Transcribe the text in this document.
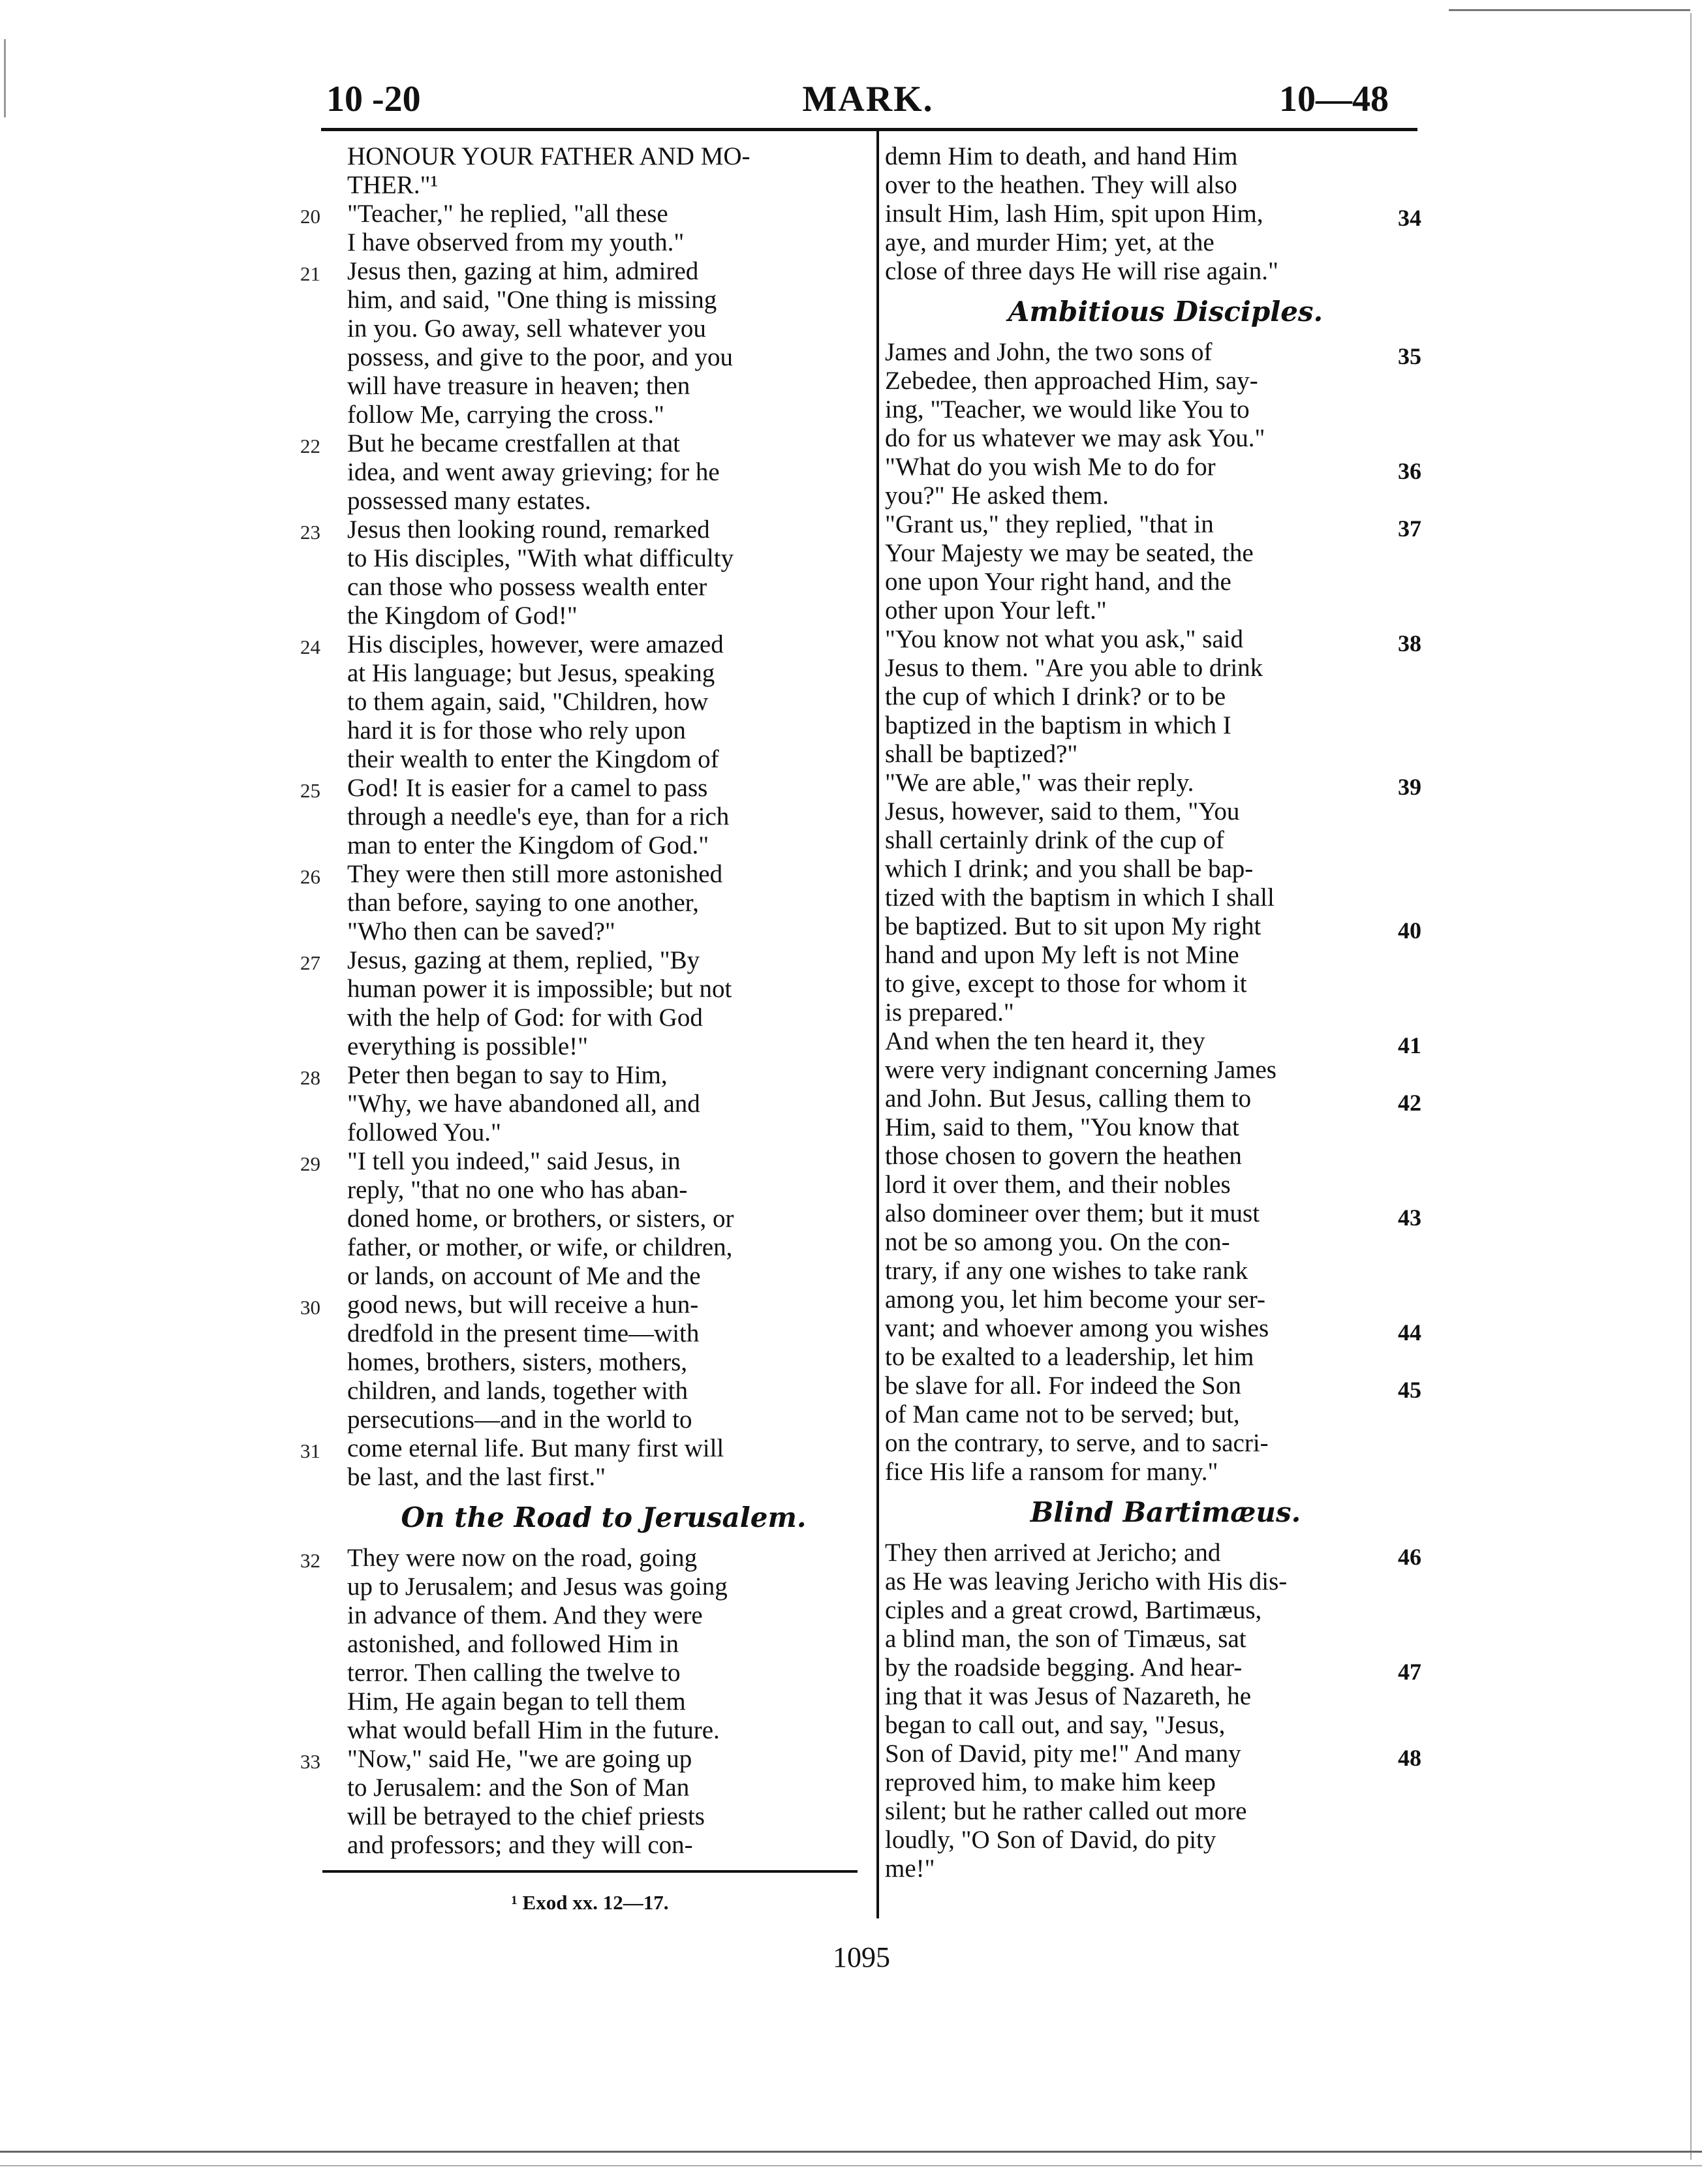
10 -20	MARK.	10—48
HONOUR YOUR FATHER AND MO-
THER."¹
20 "Teacher," he replied, "all these
I have observed from my youth."
21 Jesus then, gazing at him, admired
him, and said, "One thing is missing
in you. Go away, sell whatever you
possess, and give to the poor, and you
will have treasure in heaven; then
follow Me, carrying the cross."
22 But he became crestfallen at that
idea, and went away grieving; for he
possessed many estates.
23 Jesus then looking round, remarked
to His disciples, "With what difficulty
can those who possess wealth enter
the Kingdom of God!"
24 His disciples, however, were amazed
at His language; but Jesus, speaking
to them again, said, "Children, how
hard it is for those who rely upon
their wealth to enter the Kingdom of
25 God! It is easier for a camel to pass
through a needle's eye, than for a rich
man to enter the Kingdom of God."
26 They were then still more astonished
than before, saying to one another,
"Who then can be saved?"
27 Jesus, gazing at them, replied, "By
human power it is impossible; but not
with the help of God: for with God
everything is possible!"
28 Peter then began to say to Him,
"Why, we have abandoned all, and
followed You."
29 "I tell you indeed," said Jesus, in
reply, "that no one who has aban-
doned home, or brothers, or sisters, or
father, or mother, or wife, or children,
or lands, on account of Me and the
30 good news, but will receive a hun-
dredfold in the present time—with
homes, brothers, sisters, mothers,
children, and lands, together with
persecutions—and in the world to
31 come eternal life. But many first will
be last, and the last first."
On the Road to Jerusalem.
32 They were now on the road, going
up to Jerusalem; and Jesus was going
in advance of them. And they were
astonished, and followed Him in
terror. Then calling the twelve to
Him, He again began to tell them
what would befall Him in the future.
33 "Now," said He, "we are going up
to Jerusalem: and the Son of Man
will be betrayed to the chief priests
and professors; and they will con-
demn Him to death, and hand Him
over to the heathen. They will also
34
insult Him, lash Him, spit upon Him,
aye, and murder Him; yet, at the
close of three days He will rise again."
Ambitious Disciples.
35
James and John, the two sons of
Zebedee, then approached Him, say-
ing, "Teacher, we would like You to
do for us whatever we may ask You."
36
"What do you wish Me to do for
you?" He asked them.
37
"Grant us," they replied, "that in
Your Majesty we may be seated, the
one upon Your right hand, and the
other upon Your left."
38
"You know not what you ask," said
Jesus to them. "Are you able to drink
the cup of which I drink? or to be
baptized in the baptism in which I
shall be baptized?"
39
"We are able," was their reply.
Jesus, however, said to them, "You
shall certainly drink of the cup of
which I drink; and you shall be bap-
tized with the baptism in which I shall
40
be baptized. But to sit upon My right
hand and upon My left is not Mine
to give, except to those for whom it
is prepared."
41
And when the ten heard it, they
were very indignant concerning James
42
and John. But Jesus, calling them to
Him, said to them, "You know that
those chosen to govern the heathen
lord it over them, and their nobles
43
also domineer over them; but it must
not be so among you. On the con-
trary, if any one wishes to take rank
among you, let him become your ser-
44
vant; and whoever among you wishes
to be exalted to a leadership, let him
45
be slave for all. For indeed the Son
of Man came not to be served; but,
on the contrary, to serve, and to sacri-
fice His life a ransom for many."
Blind Bartimæus.
46
They then arrived at Jericho; and
as He was leaving Jericho with His dis-
ciples and a great crowd, Bartimæus,
a blind man, the son of Timæus, sat
47
by the roadside begging. And hear-
ing that it was Jesus of Nazareth, he
began to call out, and say, "Jesus,
48
Son of David, pity me!" And many
reproved him, to make him keep
silent; but he rather called out more
loudly, "O Son of David, do pity
me!"
¹ Exod xx. 12—17.
1095
